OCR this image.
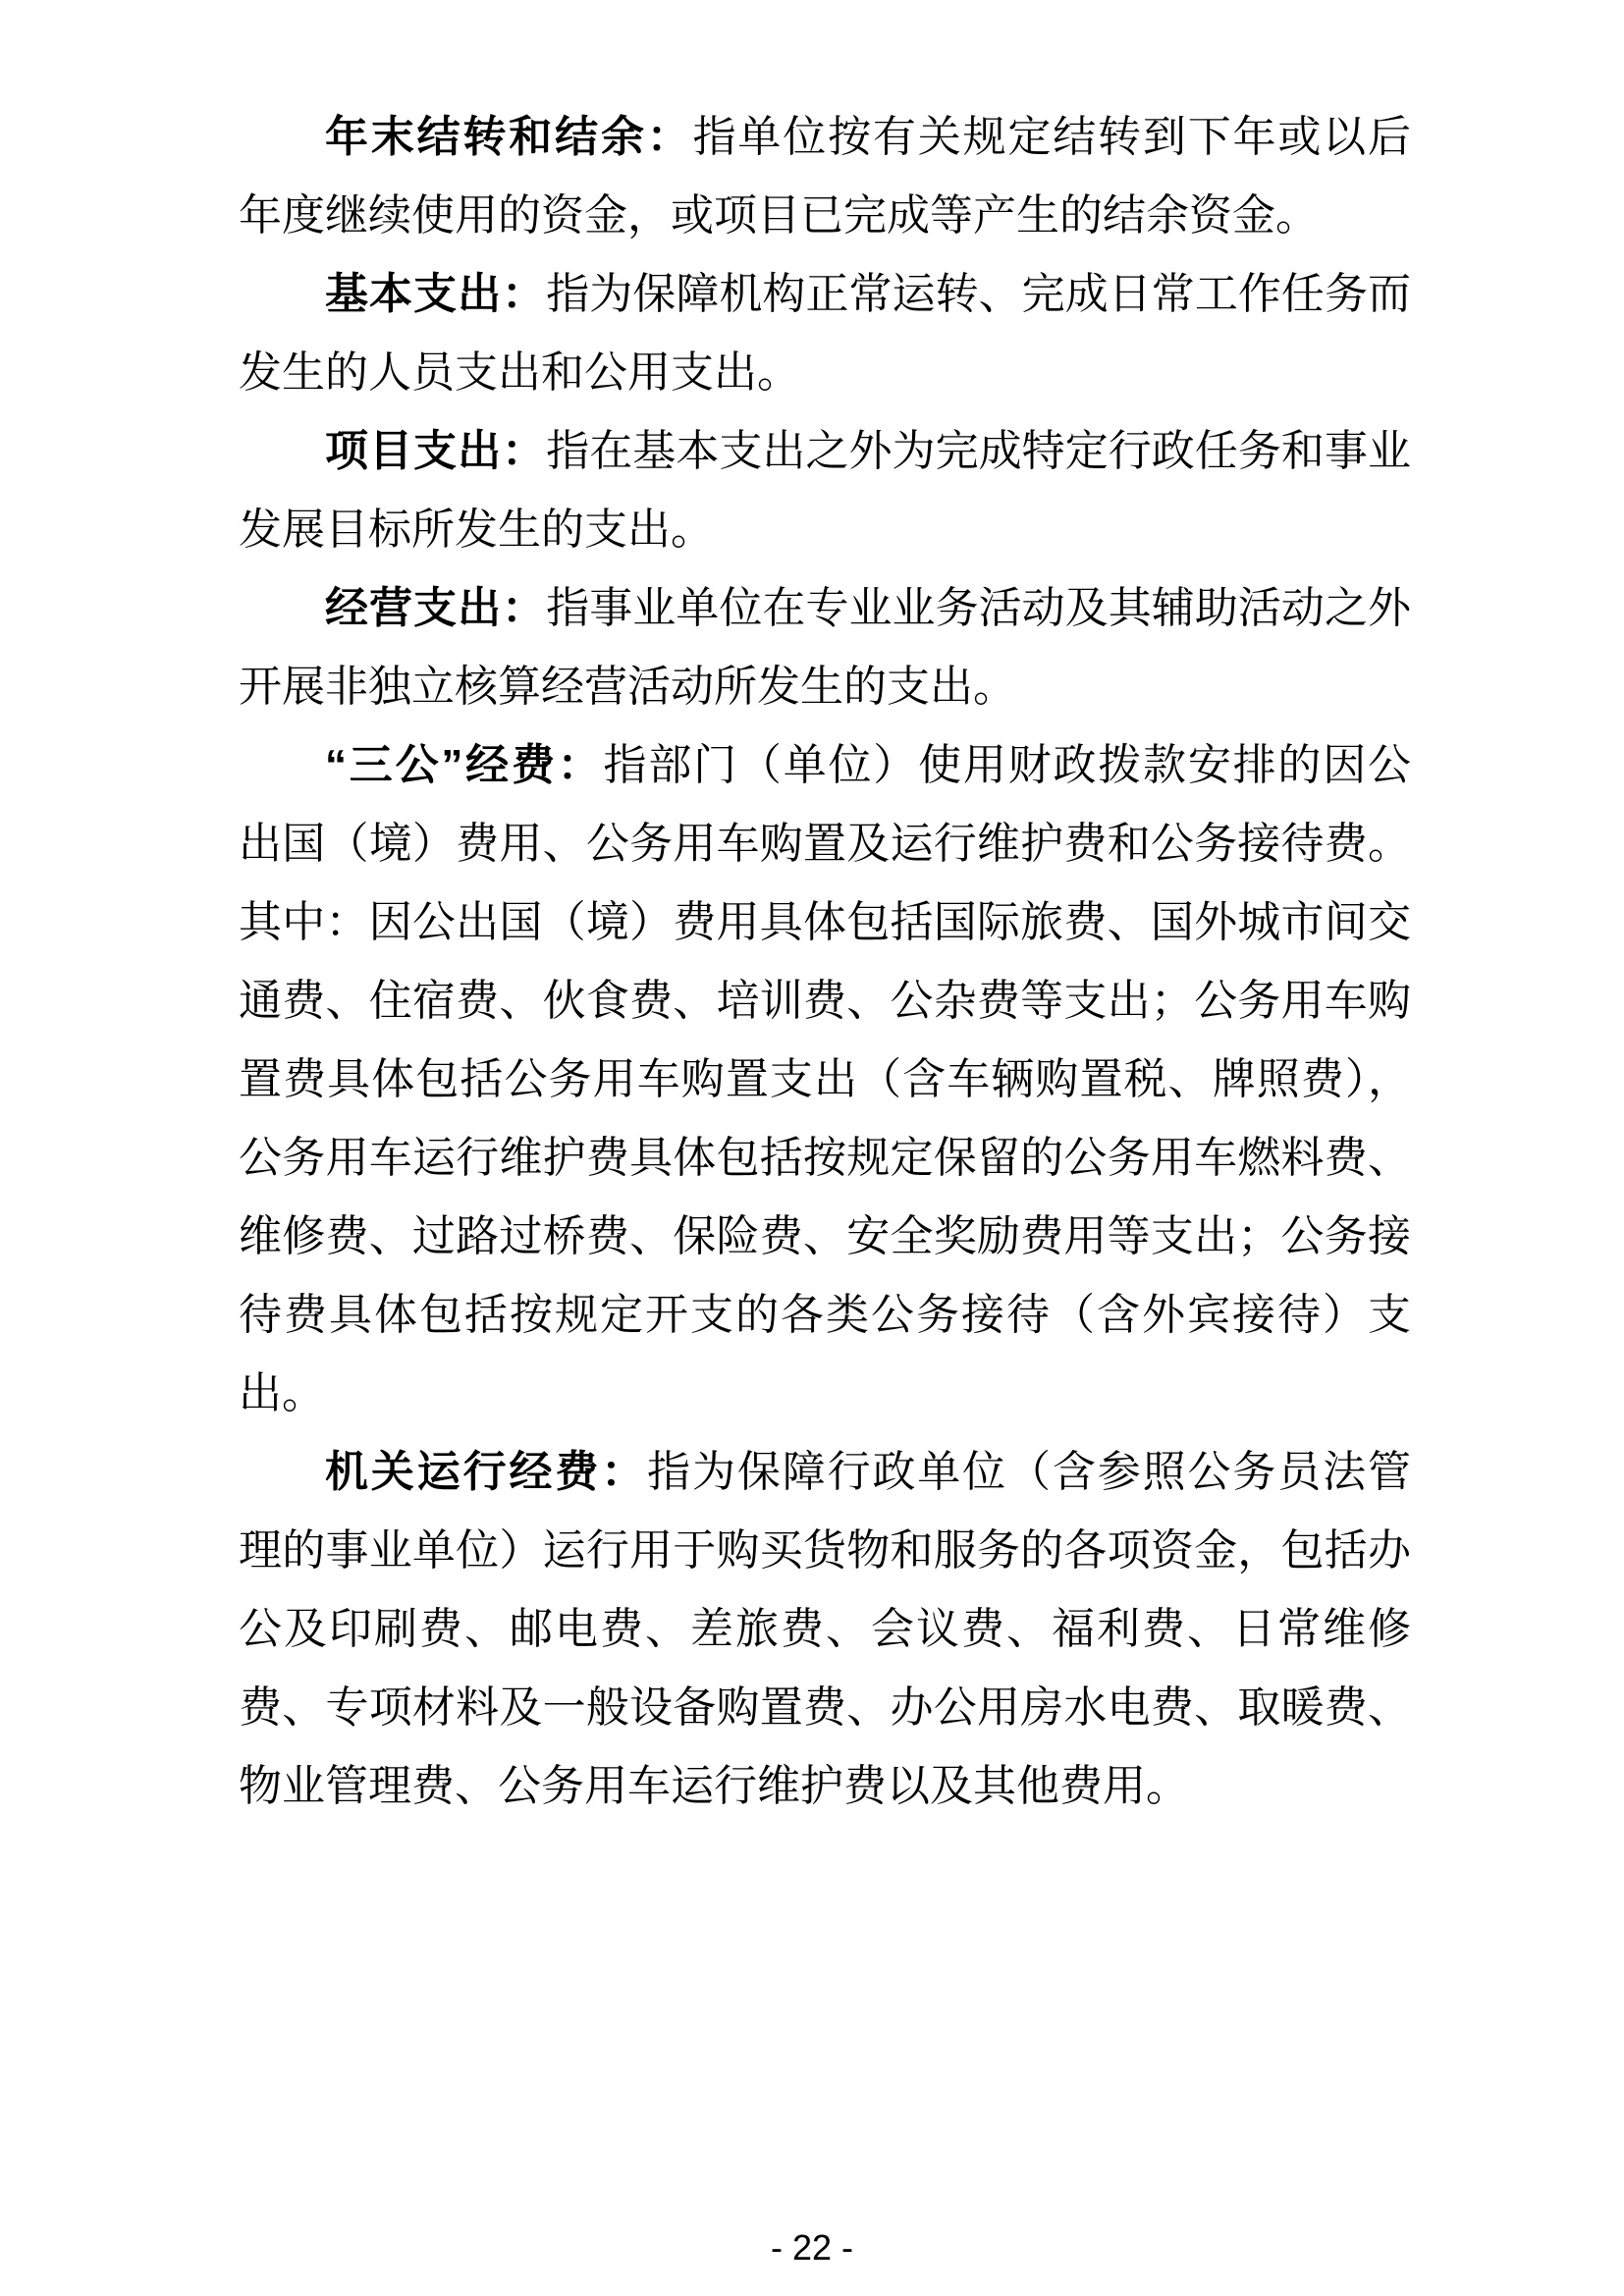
年末结转和结余：指单位按有关规定结转到下年或以后年度继续使用的资金，或项目已完成等产生的结余资金。

基本支出：指为保障机构正常运转、完成日常工作任务而发生的人员支出和公用支出。

项目支出：指在基本支出之外为完成特定行政任务和事业发展目标所发生的支出。

经营支出：指事业单位在专业业务活动及其辅助活动之外开展非独立核算经营活动所发生的支出。

“三公”经费：指部门（单位）使用财政拨款安排的因公出国（境）费用、公务用车购置及运行维护费和公务接待费。其中：因公出国（境）费用具体包括国际旅费、国外城市间交通费、住宿费、伙食费、培训费、公杂费等支出；公务用车购置费具体包括公务用车购置支出（含车辆购置税、牌照费），公务用车运行维护费具体包括按规定保留的公务用车燃料费、维修费、过路过桥费、保险费、安全奖励费用等支出；公务接待费具体包括按规定开支的各类公务接待（含外宾接待）支出。

机关运行经费：指为保障行政单位（含参照公务员法管理的事业单位）运行用于购买货物和服务的各项资金，包括办公及印刷费、邮电费、差旅费、会议费、福利费、日常维修费、专项材料及一般设备购置费、办公用房水电费、取暖费、物业管理费、公务用车运行维护费以及其他费用。

- 22 -
